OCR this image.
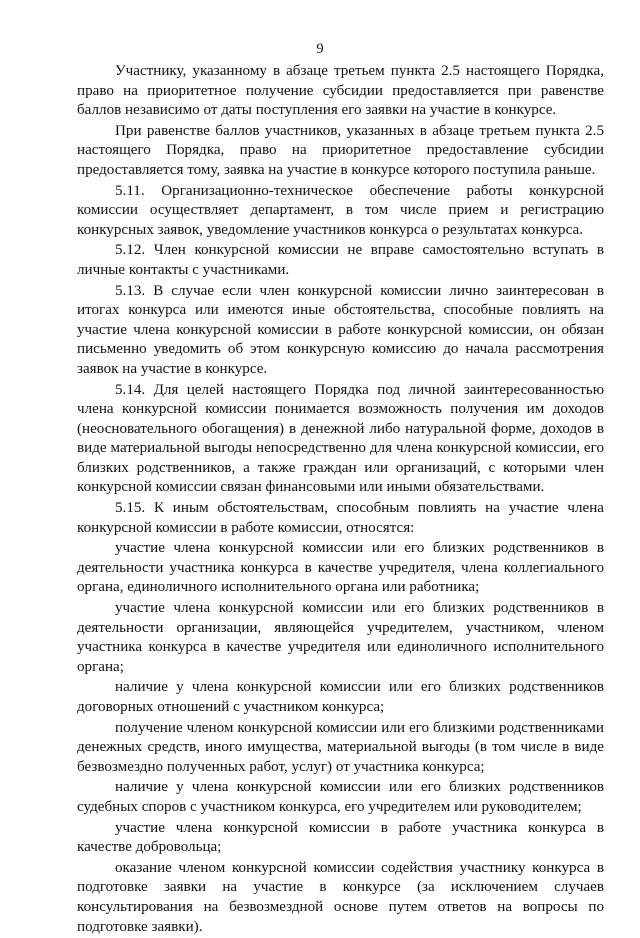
9

Участнику, указанному в абзаце третьем пункта 2.5 настоящего Порядка, право на приоритетное получение субсидии предоставляется при равенстве баллов независимо от даты поступления его заявки на участие в конкурсе.

При равенстве баллов участников, указанных в абзаце третьем пункта 2.5 настоящего Порядка, право на приоритетное предоставление субсидии предоставляется тому, заявка на участие в конкурсе которого поступила раньше.

5.11. Организационно-техническое обеспечение работы конкурсной комиссии осуществляет департамент, в том числе прием и регистрацию конкурсных заявок, уведомление участников конкурса о результатах конкурса.

5.12. Член конкурсной комиссии не вправе самостоятельно вступать в личные контакты с участниками.

5.13. В случае если член конкурсной комиссии лично заинтересован в итогах конкурса или имеются иные обстоятельства, способные повлиять на участие члена конкурсной комиссии в работе конкурсной комиссии, он обязан письменно уведомить об этом конкурсную комиссию до начала рассмотрения заявок на участие в конкурсе.

5.14. Для целей настоящего Порядка под личной заинтересованностью члена конкурсной комиссии понимается возможность получения им доходов (неосновательного обогащения) в денежной либо натуральной форме, доходов в виде материальной выгоды непосредственно для члена конкурсной комиссии, его близких родственников, а также граждан или организаций, с которыми член конкурсной комиссии связан финансовыми или иными обязательствами.

5.15. К иным обстоятельствам, способным повлиять на участие члена конкурсной комиссии в работе комиссии, относятся:

участие члена конкурсной комиссии или его близких родственников в деятельности участника конкурса в качестве учредителя, члена коллегиального органа, единоличного исполнительного органа или работника;

участие члена конкурсной комиссии или его близких родственников в деятельности организации, являющейся учредителем, участником, членом участника конкурса в качестве учредителя или единоличного исполнительного органа;

наличие у члена конкурсной комиссии или его близких родственников договорных отношений с участником конкурса;

получение членом конкурсной комиссии или его близкими родственниками денежных средств, иного имущества, материальной выгоды (в том числе в виде безвозмездно полученных работ, услуг) от участника конкурса;

наличие у члена конкурсной комиссии или его близких родственников судебных споров с участником конкурса, его учредителем или руководителем;

участие члена конкурсной комиссии в работе участника конкурса в качестве добровольца;

оказание членом конкурсной комиссии содействия участнику конкурса в подготовке заявки на участие в конкурсе (за исключением случаев консультирования на безвозмездной основе путем ответов на вопросы по подготовке заявки).
